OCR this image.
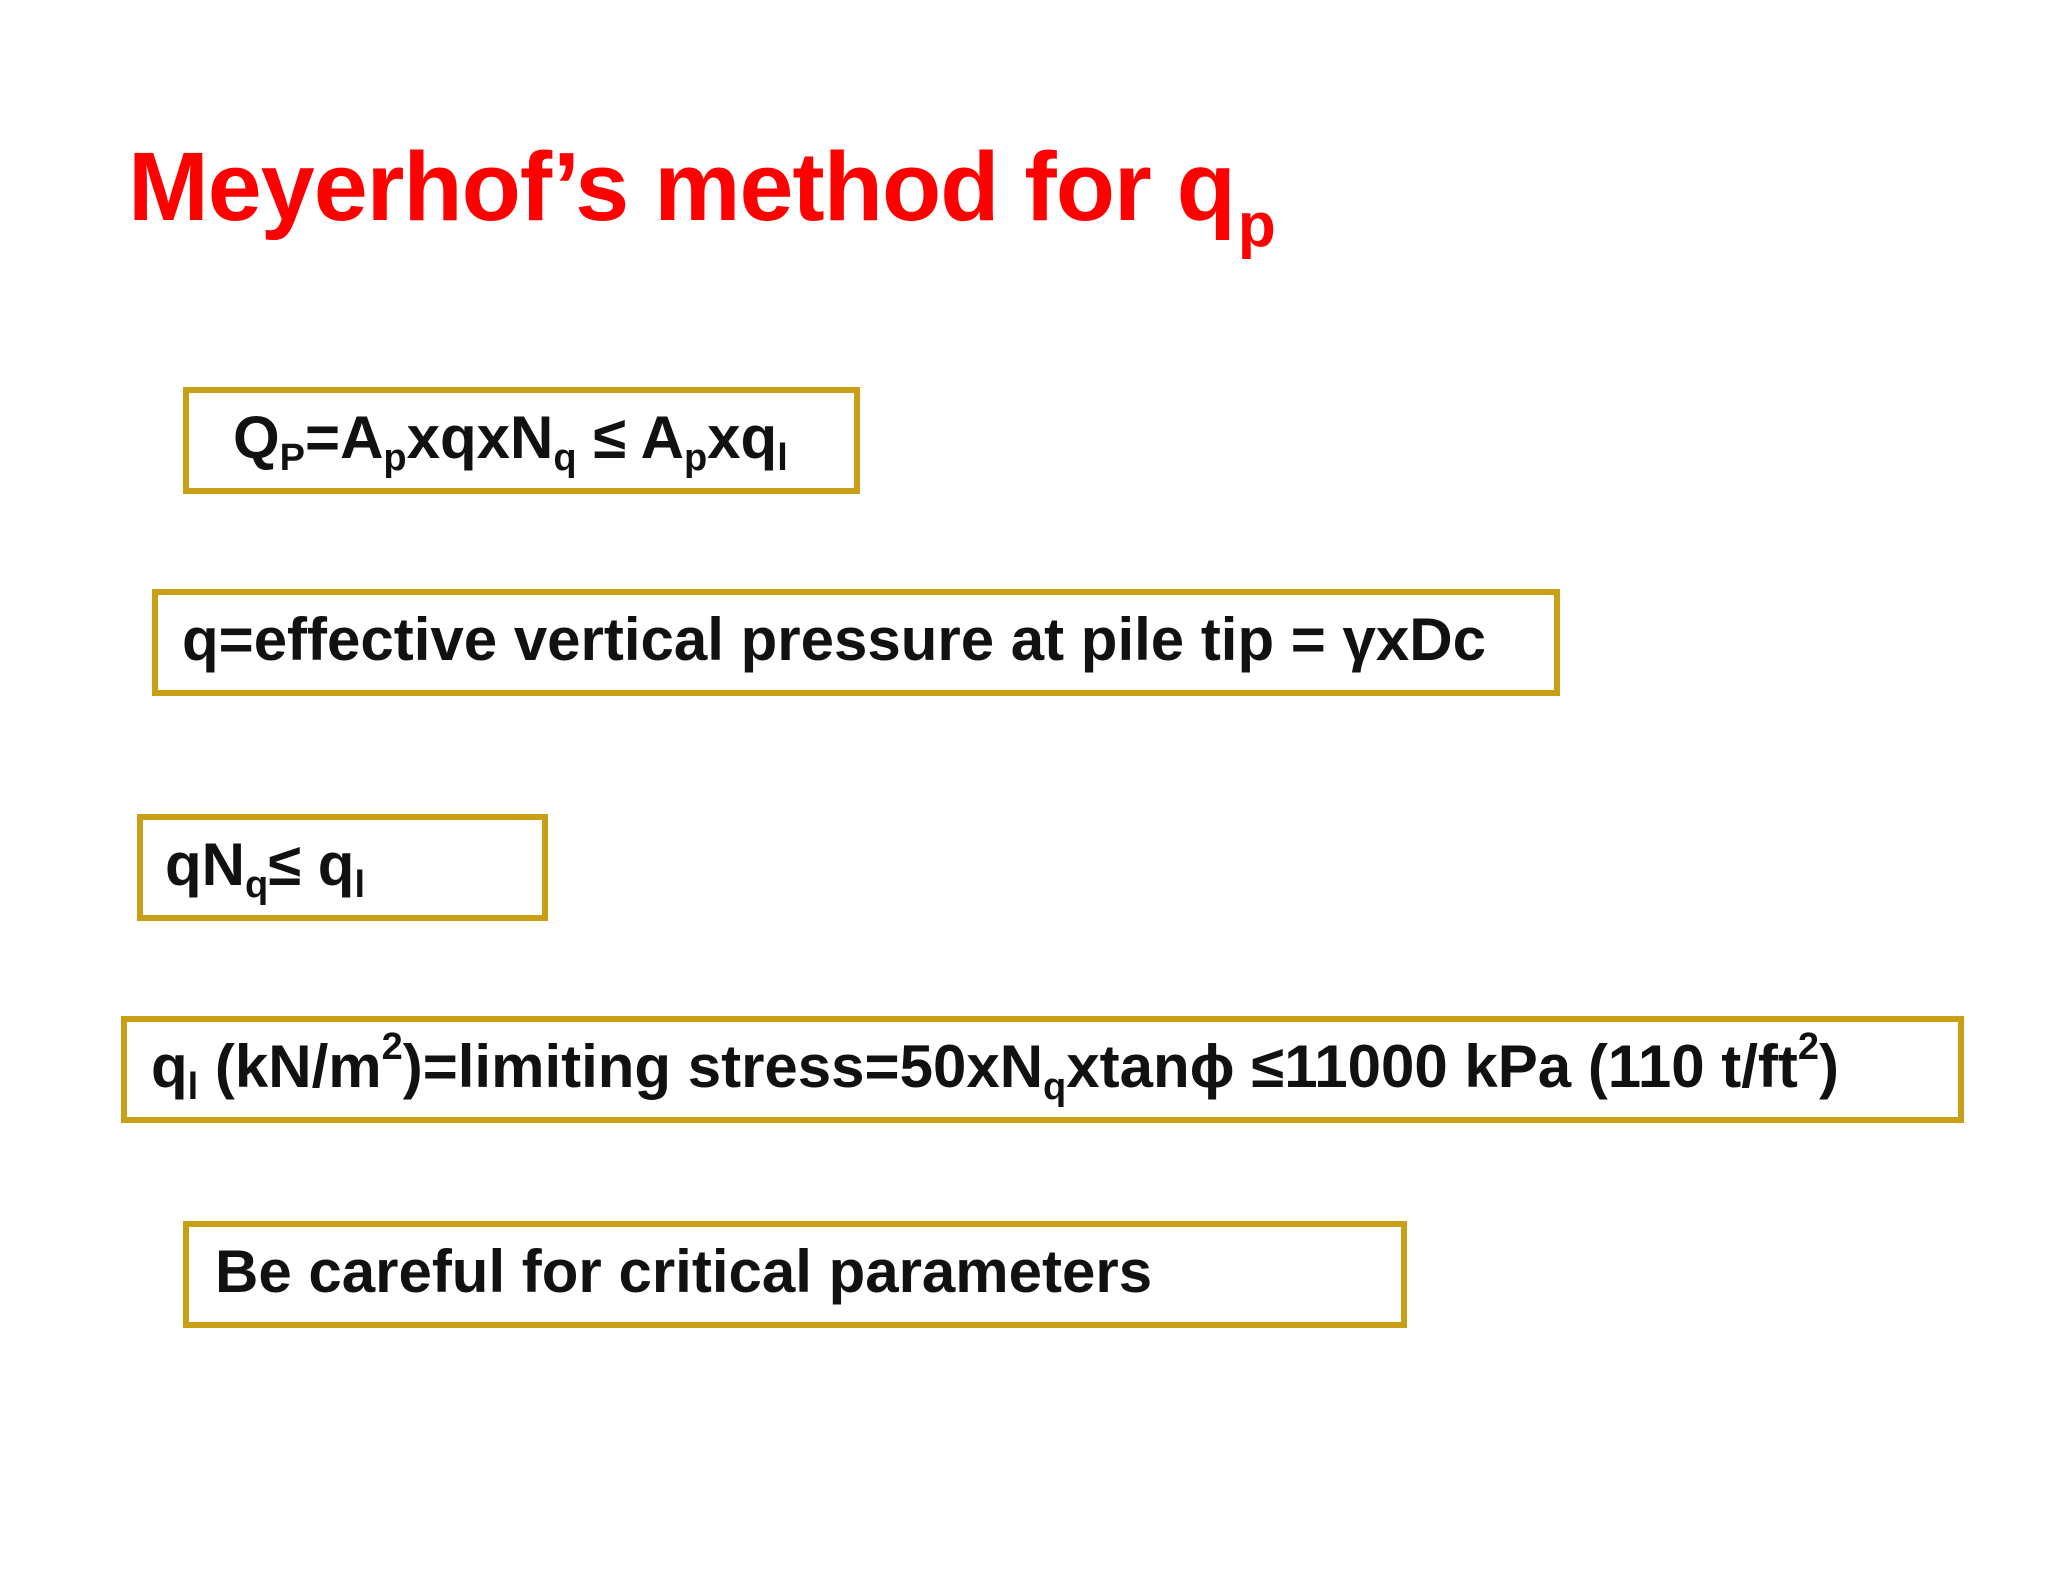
Meyerhof’s method for $q_p$
Q P =A p xqxN q ≤ A p xq l
q=effective vertical pressure at pile tip = γxDc
qN q ≤ q l
q l (kN/m 2 )=limiting stress=50xN q xtanϕ ≤11000 kPa (110 t/ft 2 )
Be careful for critical parameters
